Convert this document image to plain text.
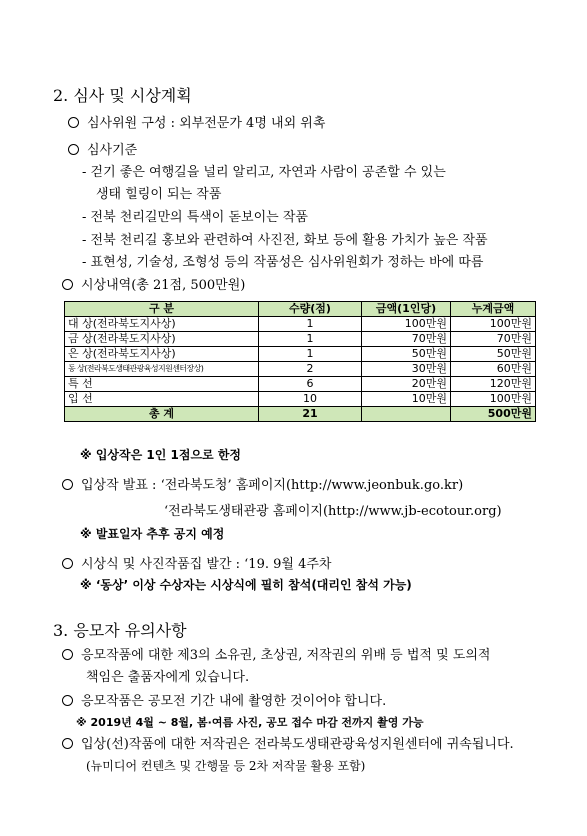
2. 심사 및 시상계획
심사위원 구성 : 외부전문가 4명 내외 위촉
심사기준
- 걷기 좋은 여행길을 널리 알리고, 자연과 사람이 공존할 수 있는
생태 힐링이 되는 작품
- 전북 천리길만의 특색이 돋보이는 작품
- 전북 천리길 홍보와 관련하여 사진전, 화보 등에 활용 가치가 높은 작품
- 표현성, 기술성, 조형성 등의 작품성은 심사위원회가 정하는 바에 따름
시상내역(총 21점, 500만원)
구 분	수량(점)	금액(1인당)	누계금액
대 상(전라북도지사상)	1	100만원	100만원
금 상(전라북도지사상)	1	70만원	70만원
은 상(전라북도지사상)	1	50만원	50만원
동 상(전라북도생태관광육성지원센터장상)	2	30만원	60만원
특 선	6	20만원	120만원
입 선	10	10만원	100만원
총 계	21		500만원
※ 입상작은 1인 1점으로 한정
입상작 발표 : ‘전라북도청’ 홈페이지(http://www.jeonbuk.go.kr)
‘전라북도생태관광 홈페이지(http://www.jb-ecotour.org)
※ 발표일자 추후 공지 예정
시상식 및 사진작품집 발간 : ‘19. 9월 4주차
※ ‘동상’ 이상 수상자는 시상식에 필히 참석(대리인 참석 가능)
3. 응모자 유의사항
응모작품에 대한 제3의 소유권, 초상권, 저작권의 위배 등 법적 및 도의적
책임은 출품자에게 있습니다.
응모작품은 공모전 기간 내에 촬영한 것이어야 합니다.
※ 2019년 4월 ~ 8월, 봄·여름 사진, 공모 접수 마감 전까지 촬영 가능
입상(선)작품에 대한 저작권은 전라북도생태관광육성지원센터에 귀속됩니다.
(뉴미디어 컨텐츠 및 간행물 등 2차 저작물 활용 포함)
